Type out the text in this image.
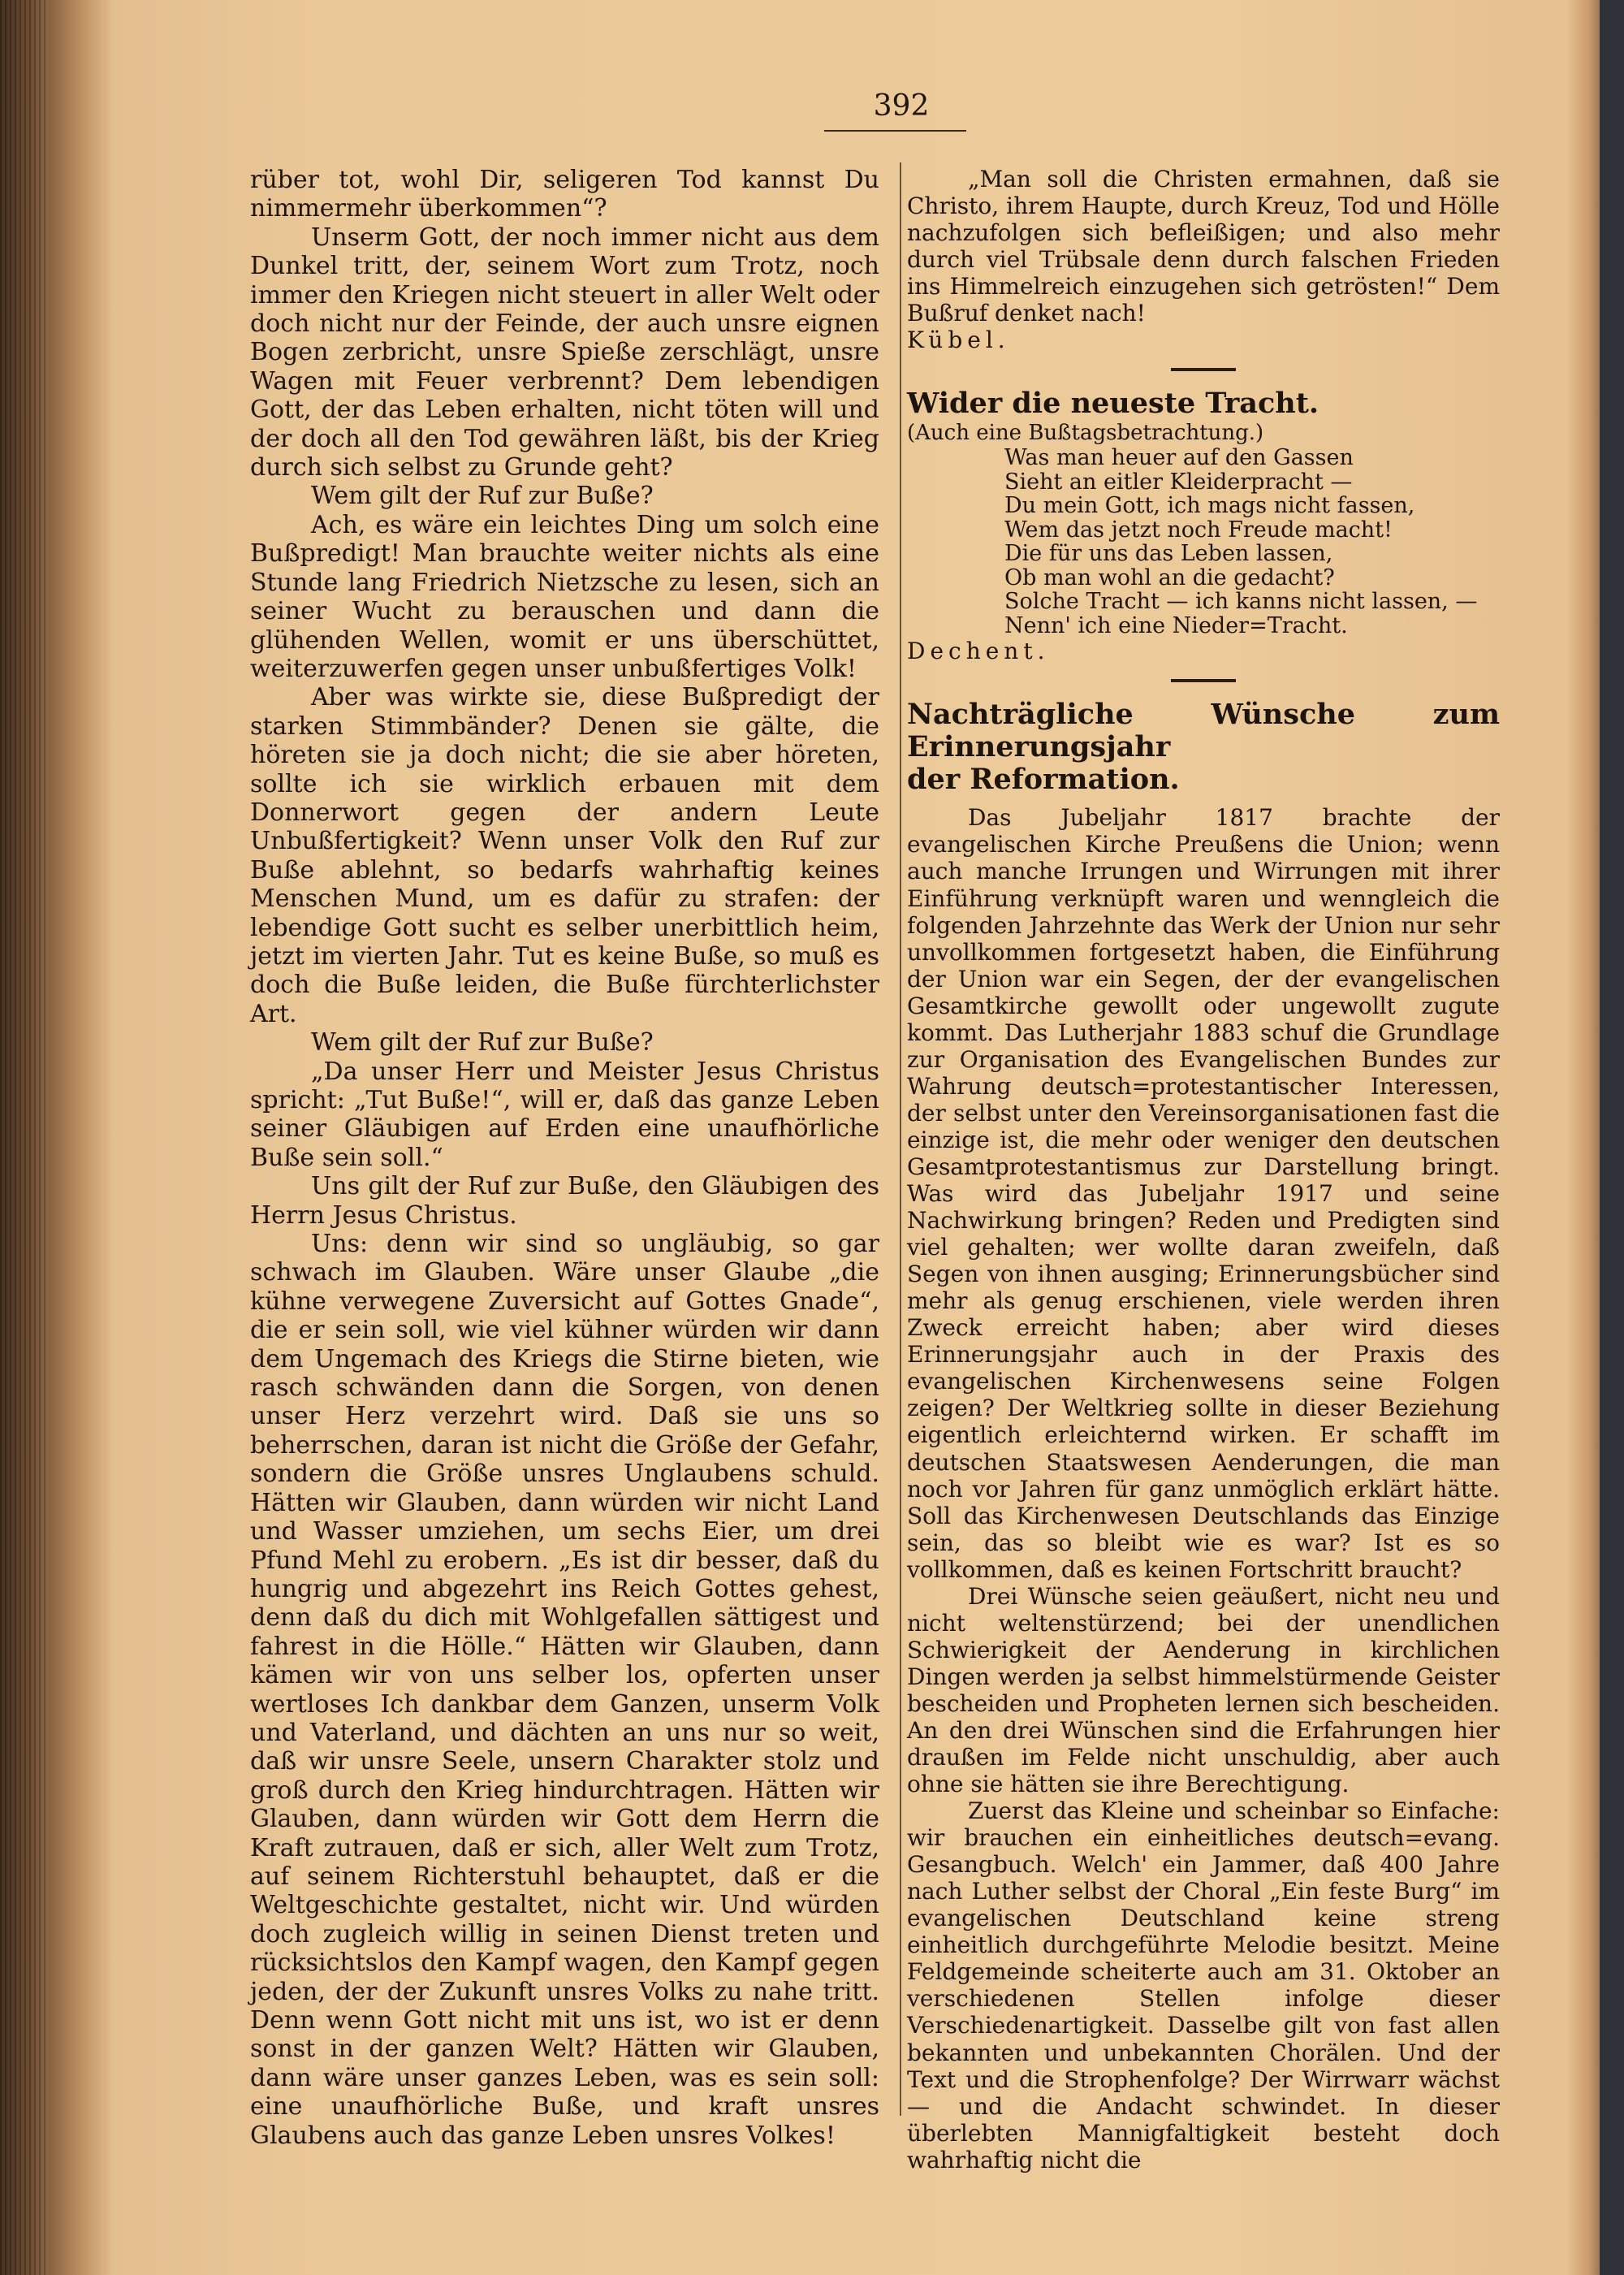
392

rüber tot, wohl Dir, seligeren Tod kannst Du nimmermehr überkommen“?

Unserm Gott, der noch immer nicht aus dem Dunkel tritt, der, seinem Wort zum Trotz, noch immer den Kriegen nicht steuert in aller Welt oder doch nicht nur der Feinde, der auch unsre eignen Bogen zerbricht, unsre Spieße zerschlägt, unsre Wagen mit Feuer verbrennt? Dem lebendigen Gott, der das Leben erhalten, nicht töten will und der doch all den Tod gewähren läßt, bis der Krieg durch sich selbst zu Grunde geht?

Wem gilt der Ruf zur Buße?

Ach, es wäre ein leichtes Ding um solch eine Bußpredigt! Man brauchte weiter nichts als eine Stunde lang Friedrich Nietzsche zu lesen, sich an seiner Wucht zu berauschen und dann die glühenden Wellen, womit er uns überschüttet, weiterzuwerfen gegen unser unbußfertiges Volk!

Aber was wirkte sie, diese Bußpredigt der starken Stimmbänder? Denen sie gälte, die höreten sie ja doch nicht; die sie aber höreten, sollte ich sie wirklich erbauen mit dem Donnerwort gegen der andern Leute Unbußfertigkeit? Wenn unser Volk den Ruf zur Buße ablehnt, so bedarfs wahrhaftig keines Menschen Mund, um es dafür zu strafen: der lebendige Gott sucht es selber unerbittlich heim, jetzt im vierten Jahr. Tut es keine Buße, so muß es doch die Buße leiden, die Buße fürchterlichster Art.

Wem gilt der Ruf zur Buße?

„Da unser Herr und Meister Jesus Christus spricht: „Tut Buße!“, will er, daß das ganze Leben seiner Gläubigen auf Erden eine unaufhörliche Buße sein soll.“

Uns gilt der Ruf zur Buße, den Gläubigen des Herrn Jesus Christus.

Uns: denn wir sind so ungläubig, so gar schwach im Glauben. Wäre unser Glaube „die kühne verwegene Zuversicht auf Gottes Gnade“, die er sein soll, wie viel kühner würden wir dann dem Ungemach des Kriegs die Stirne bieten, wie rasch schwänden dann die Sorgen, von denen unser Herz verzehrt wird. Daß sie uns so beherrschen, daran ist nicht die Größe der Gefahr, sondern die Größe unsres Unglaubens schuld. Hätten wir Glauben, dann würden wir nicht Land und Wasser umziehen, um sechs Eier, um drei Pfund Mehl zu erobern. „Es ist dir besser, daß du hungrig und abgezehrt ins Reich Gottes gehest, denn daß du dich mit Wohlgefallen sättigest und fahrest in die Hölle.“ Hätten wir Glauben, dann kämen wir von uns selber los, opferten unser wertloses Ich dankbar dem Ganzen, unserm Volk und Vaterland, und dächten an uns nur so weit, daß wir unsre Seele, unsern Charakter stolz und groß durch den Krieg hindurchtragen. Hätten wir Glauben, dann würden wir Gott dem Herrn die Kraft zutrauen, daß er sich, aller Welt zum Trotz, auf seinem Richterstuhl behauptet, daß er die Weltgeschichte gestaltet, nicht wir. Und würden doch zugleich willig in seinen Dienst treten und rücksichtslos den Kampf wagen, den Kampf gegen jeden, der der Zukunft unsres Volks zu nahe tritt. Denn wenn Gott nicht mit uns ist, wo ist er denn sonst in der ganzen Welt? Hätten wir Glauben, dann wäre unser ganzes Leben, was es sein soll: eine unaufhörliche Buße, und kraft unsres Glaubens auch das ganze Leben unsres Volkes!

„Man soll die Christen ermahnen, daß sie Christo, ihrem Haupte, durch Kreuz, Tod und Hölle nachzufolgen sich befleißigen; und also mehr durch viel Trübsale denn durch falschen Frieden ins Himmelreich einzugehen sich getrösten!“ Dem Bußruf denket nach!

Kübel.

Wider die neueste Tracht.

(Auch eine Bußtagsbetrachtung.)

Was man heuer auf den Gassen
Sieht an eitler Kleiderpracht —
Du mein Gott, ich mags nicht fassen,
Wem das jetzt noch Freude macht!
Die für uns das Leben lassen,
Ob man wohl an die gedacht?
Solche Tracht — ich kanns nicht lassen, —
Nenn' ich eine Nieder=Tracht.

Dechent.

Nachträgliche Wünsche zum Erinnerungsjahr

der Reformation.

Das Jubeljahr 1817 brachte der evangelischen Kirche Preußens die Union; wenn auch manche Irrungen und Wirrungen mit ihrer Einführung verknüpft waren und wenngleich die folgenden Jahrzehnte das Werk der Union nur sehr unvollkommen fortgesetzt haben, die Einführung der Union war ein Segen, der der evangelischen Gesamtkirche gewollt oder ungewollt zugute kommt. Das Lutherjahr 1883 schuf die Grundlage zur Organisation des Evangelischen Bundes zur Wahrung deutsch=protestantischer Interessen, der selbst unter den Vereinsorganisationen fast die einzige ist, die mehr oder weniger den deutschen Gesamtprotestantismus zur Darstellung bringt. Was wird das Jubeljahr 1917 und seine Nachwirkung bringen? Reden und Predigten sind viel gehalten; wer wollte daran zweifeln, daß Segen von ihnen ausging; Erinnerungsbücher sind mehr als genug erschienen, viele werden ihren Zweck erreicht haben; aber wird dieses Erinnerungsjahr auch in der Praxis des evangelischen Kirchenwesens seine Folgen zeigen? Der Weltkrieg sollte in dieser Beziehung eigentlich erleichternd wirken. Er schafft im deutschen Staatswesen Aenderungen, die man noch vor Jahren für ganz unmöglich erklärt hätte. Soll das Kirchenwesen Deutschlands das Einzige sein, das so bleibt wie es war? Ist es so vollkommen, daß es keinen Fortschritt braucht?

Drei Wünsche seien geäußert, nicht neu und nicht weltenstürzend; bei der unendlichen Schwierigkeit der Aenderung in kirchlichen Dingen werden ja selbst himmelstürmende Geister bescheiden und Propheten lernen sich bescheiden. An den drei Wünschen sind die Erfahrungen hier draußen im Felde nicht unschuldig, aber auch ohne sie hätten sie ihre Berechtigung.

Zuerst das Kleine und scheinbar so Einfache: wir brauchen ein einheitliches deutsch=evang. Gesangbuch. Welch' ein Jammer, daß 400 Jahre nach Luther selbst der Choral „Ein feste Burg“ im evangelischen Deutschland keine streng einheitlich durchgeführte Melodie besitzt. Meine Feldgemeinde scheiterte auch am 31. Oktober an verschiedenen Stellen infolge dieser Verschiedenartigkeit. Dasselbe gilt von fast allen bekannten und unbekannten Chorälen. Und der Text und die Strophenfolge? Der Wirrwarr wächst — und die Andacht schwindet. In dieser überlebten Mannigfaltigkeit besteht doch wahrhaftig nicht die
